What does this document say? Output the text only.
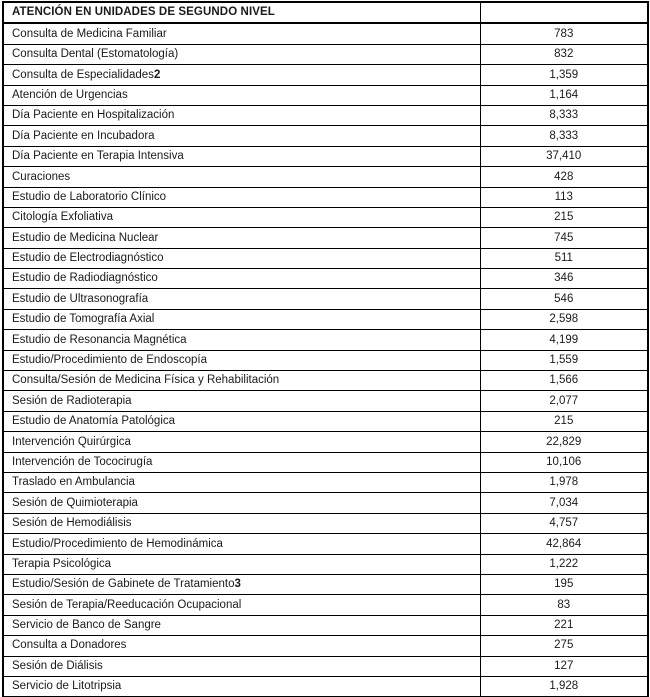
ATENCIÓN EN UNIDADES DE SEGUNDO NIVEL	
Consulta de Medicina Familiar	783
Consulta Dental (Estomatología)	832
Consulta de Especialidades2	1,359
Atención de Urgencias	1,164
Día Paciente en Hospitalización	8,333
Día Paciente en Incubadora	8,333
Día Paciente en Terapia Intensiva	37,410
Curaciones	428
Estudio de Laboratorio Clínico	113
Citología Exfoliativa	215
Estudio de Medicina Nuclear	745
Estudio de Electrodiagnóstico	511
Estudio de Radiodiagnóstico	346
Estudio de Ultrasonografía	546
Estudio de Tomografía Axial	2,598
Estudio de Resonancia Magnética	4,199
Estudio/Procedimiento de Endoscopía	1,559
Consulta/Sesión de Medicina Física y Rehabilitación	1,566
Sesión de Radioterapia	2,077
Estudio de Anatomía Patológica	215
Intervención Quirúrgica	22,829
Intervención de Tococirugía	10,106
Traslado en Ambulancia	1,978
Sesión de Quimioterapia	7,034
Sesión de Hemodiálisis	4,757
Estudio/Procedimiento de Hemodinámica	42,864
Terapia Psicológica	1,222
Estudio/Sesión de Gabinete de Tratamiento3	195
Sesión de Terapia/Reeducación Ocupacional	83
Servicio de Banco de Sangre	221
Consulta a Donadores	275
Sesión de Diálisis	127
Servicio de Litotripsia	1,928
